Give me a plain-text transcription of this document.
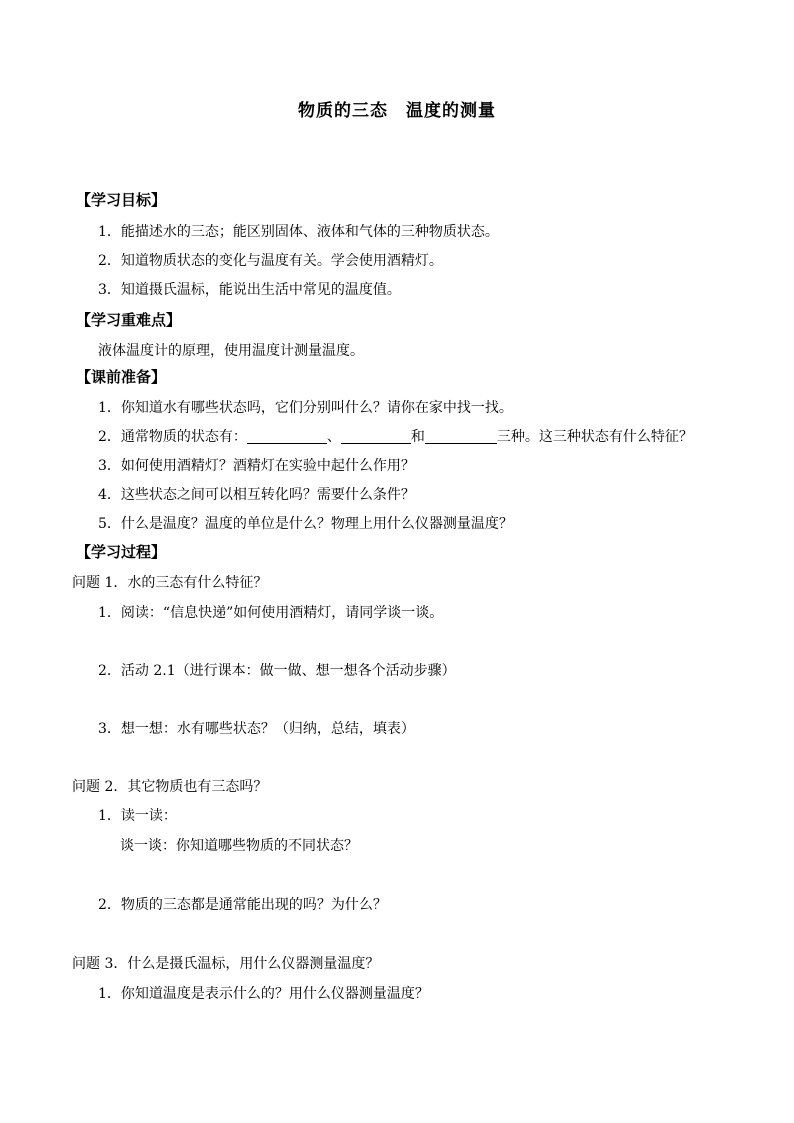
物质的三态　温度的测量
【学习目标】
1．能描述水的三态；能区别固体、液体和气体的三种物质状态。
2．知道物质状态的变化与温度有关。学会使用酒精灯。
3．知道摄氏温标，能说出生活中常见的温度值。
【学习重难点】
液体温度计的原理，使用温度计测量温度。
【课前准备】
1．你知道水有哪些状态吗，它们分别叫什么？请你在家中找一找。
2．通常物质的状态有：	、	和	三种。这三种状态有什么特征？
3．如何使用酒精灯？酒精灯在实验中起什么作用？
4．这些状态之间可以相互转化吗？需要什么条件？
5．什么是温度？温度的单位是什么？物理上用什么仪器测量温度？
【学习过程】
问题 1．水的三态有什么特征？
1．阅读：“信息快递”如何使用酒精灯，请同学谈一谈。
2．活动 2.1（进行课本：做一做、想一想各个活动步骤）
3．想一想：水有哪些状态？（归纳，总结，填表）
问题 2．其它物质也有三态吗？
1．读一读：
谈一谈：你知道哪些物质的不同状态？
2．物质的三态都是通常能出现的吗？为什么？
问题 3．什么是摄氏温标，用什么仪器测量温度？
1．你知道温度是表示什么的？用什么仪器测量温度？
